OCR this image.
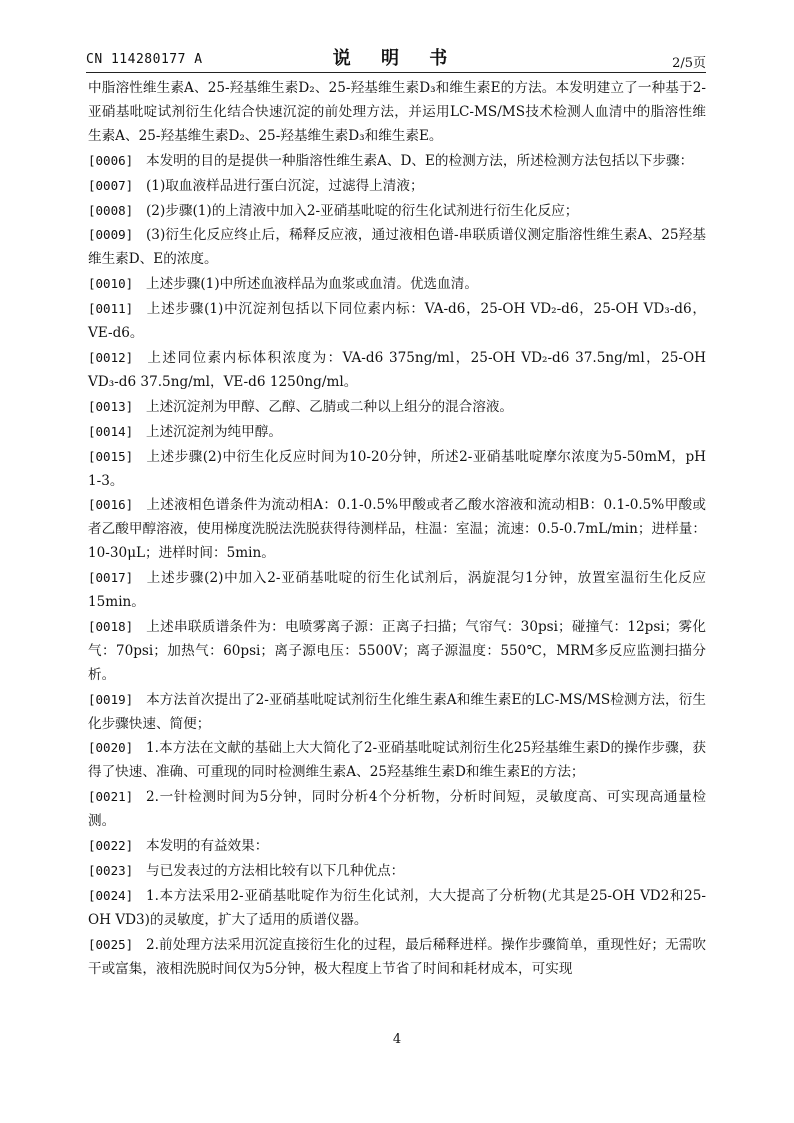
CN 114280177 A	说 明 书	2/5页
中脂溶性维生素A、25-羟基维生素D₂、25-羟基维生素D₃和维生素E的方法。本发明建立了一种基于2-亚硝基吡啶试剂衍生化结合快速沉淀的前处理方法，并运用LC-MS/MS技术检测人血清中的脂溶性维生素A、25-羟基维生素D₂、25-羟基维生素D₃和维生素E。
[0006] 本发明的目的是提供一种脂溶性维生素A、D、E的检测方法，所述检测方法包括以下步骤：
[0007] (1)取血液样品进行蛋白沉淀，过滤得上清液；
[0008] (2)步骤(1)的上清液中加入2-亚硝基吡啶的衍生化试剂进行衍生化反应；
[0009] (3)衍生化反应终止后，稀释反应液，通过液相色谱-串联质谱仪测定脂溶性维生素A、25羟基维生素D、E的浓度。
[0010] 上述步骤(1)中所述血液样品为血浆或血清。优选血清。
[0011] 上述步骤(1)中沉淀剂包括以下同位素内标：VA-d6，25-OH VD₂-d6，25-OH VD₃-d6，VE-d6。
[0012] 上述同位素内标体积浓度为：VA-d6 375ng/ml，25-OH VD₂-d6 37.5ng/ml，25-OH VD₃-d6 37.5ng/ml，VE-d6 1250ng/ml。
[0013] 上述沉淀剂为甲醇、乙醇、乙腈或二种以上组分的混合溶液。
[0014] 上述沉淀剂为纯甲醇。
[0015] 上述步骤(2)中衍生化反应时间为10-20分钟，所述2-亚硝基吡啶摩尔浓度为5-50mM，pH 1-3。
[0016] 上述液相色谱条件为流动相A：0.1-0.5%甲酸或者乙酸水溶液和流动相B：0.1-0.5%甲酸或者乙酸甲醇溶液，使用梯度洗脱法洗脱获得待测样品，柱温：室温；流速：0.5-0.7mL/min；进样量：10-30μL；进样时间：5min。
[0017] 上述步骤(2)中加入2-亚硝基吡啶的衍生化试剂后，涡旋混匀1分钟，放置室温衍生化反应15min。
[0018] 上述串联质谱条件为：电喷雾离子源：正离子扫描；气帘气：30psi；碰撞气：12psi；雾化气：70psi；加热气：60psi；离子源电压：5500V；离子源温度：550℃，MRM多反应监测扫描分析。
[0019] 本方法首次提出了2-亚硝基吡啶试剂衍生化维生素A和维生素E的LC-MS/MS检测方法，衍生化步骤快速、简便；
[0020] 1.本方法在文献的基础上大大简化了2-亚硝基吡啶试剂衍生化25羟基维生素D的操作步骤，获得了快速、准确、可重现的同时检测维生素A、25羟基维生素D和维生素E的方法；
[0021] 2.一针检测时间为5分钟，同时分析4个分析物，分析时间短，灵敏度高、可实现高通量检测。
[0022] 本发明的有益效果：
[0023] 与已发表过的方法相比较有以下几种优点：
[0024] 1.本方法采用2-亚硝基吡啶作为衍生化试剂，大大提高了分析物(尤其是25-OH VD2和25-OH VD3)的灵敏度，扩大了适用的质谱仪器。
[0025] 2.前处理方法采用沉淀直接衍生化的过程，最后稀释进样。操作步骤简单，重现性好；无需吹干或富集，液相洗脱时间仅为5分钟，极大程度上节省了时间和耗材成本，可实现
4
